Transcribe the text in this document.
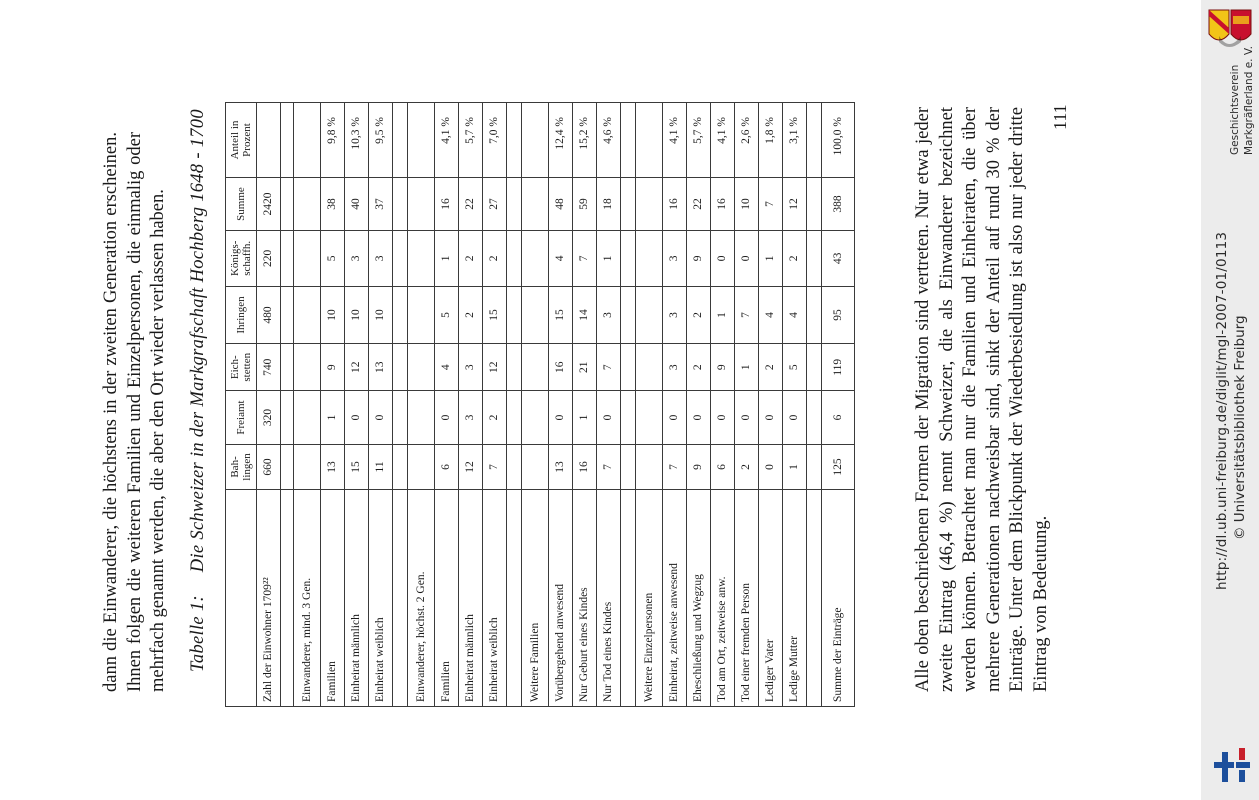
dann die Einwanderer, die höchstens in der zweiten Generation erscheinen. Ihnen folgen die weiteren Familien und Einzelpersonen, die einmalig oder mehrfach genannt werden, die aber den Ort wieder verlassen haben. Tabelle 1: Die Schweizer in der Markgrafschaft Hochberg 1648 - 1700
	Bah-
lingen	Freiamt	Eich-
stetten	Ihringen	Königs-
schaffh.	Summe	Anteil in
Prozent
Zahl der Einwohner 1709²²	660	320	740	480	220	2420	

Einwanderer, mind. 3 Gen.							
Familien	13	1	9	10	5	38	9,8 %
Einheirat männlich	15	0	12	10	3	40	10,3 %
Einheirat weiblich	11	0	13	10	3	37	9,5 %

Einwanderer, höchst. 2 Gen.							
Familien	6	0	4	5	1	16	4,1 %
Einheirat männlich	12	3	3	2	2	22	5,7 %
Einheirat weiblich	7	2	12	15	2	27	7,0 %

Weitere Familien							
Vorübergehend anwesend	13	0	16	15	4	48	12,4 %
Nur Geburt eines Kindes	16	1	21	14	7	59	15,2 %
Nur Tod eines Kindes	7	0	7	3	1	18	4,6 %

Weitere Einzelpersonen							
Einheirat, zeitweise anwesend	7	0	3	3	3	16	4,1 %
Eheschließung und Wegzug	9	0	2	2	9	22	5,7 %
Tod am Ort, zeitweise anw.	6	0	9	1	0	16	4,1 %
Tod einer fremden Person	2	0	1	7	0	10	2,6 %
Lediger Vater	0	0	2	4	1	7	1,8 %
Ledige Mutter	1	0	5	4	2	12	3,1 %

Summe der Einträge	125	6	119	95	43	388	100,0 %	Alle oben beschriebenen Formen der Migration sind vertreten. Nur etwa jeder zweite Eintrag (46,4 %) nennt Schweizer, die als Einwanderer bezeichnet werden können. Betrachtet man nur die Familien und Einheiraten, die über mehrere Generationen nachweisbar sind, sinkt der Anteil auf rund 30 % der Einträge. Unter dem Blickpunkt der Wiederbesiedlung ist also nur jeder dritte Eintrag von Bedeutung.

111
http://dl.ub.uni-freiburg.de/diglit/mgl-2007-01/0113 © Universitätsbibliothek Freiburg
Geschichtsverein Markgräflerland e. V.
